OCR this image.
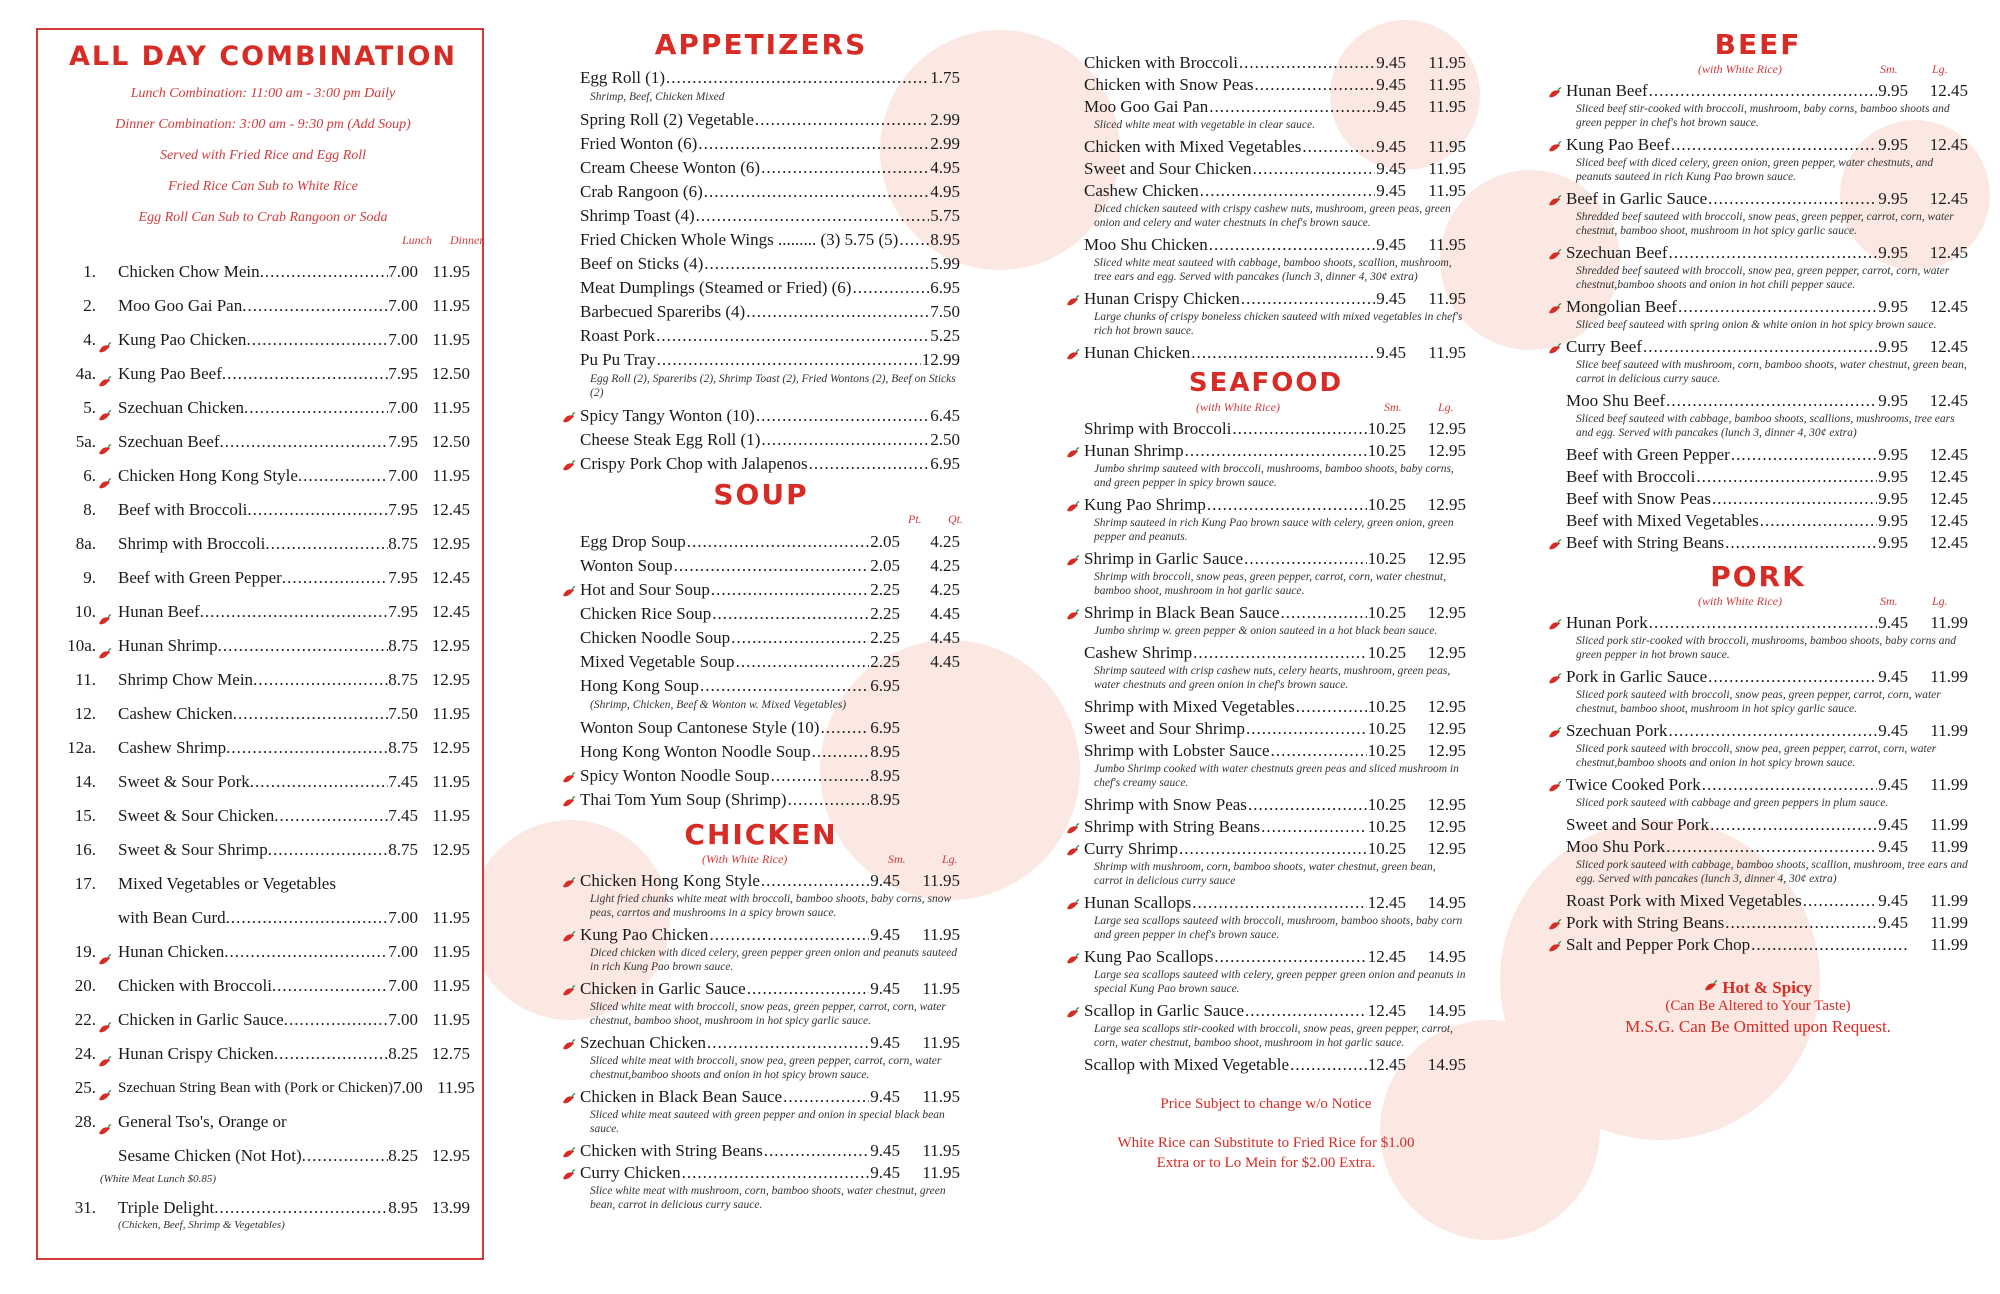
ALL DAY COMBINATION
Lunch Combination: 11:00 am - 3:00 pm Daily
Dinner Combination: 3:00 am - 9:30 pm (Add Soup)
Served with Fried Rice and Egg Roll
Fried Rice Can Sub to White Rice
Egg Roll Can Sub to Crab Rangoon or Soda
Lunch Dinner
1. Chicken Chow Mein .....	7.00 11.95
2. Moo Goo Gai Pan .....	7.00 11.95
4. Kung Pao Chicken .....	7.00 11.95
4a. Kung Pao Beef .....	7.95 12.50
5. Szechuan Chicken .....	7.00 11.95
5a. Szechuan Beef .....	7.95 12.50
6. Chicken Hong Kong Style .....	7.00 11.95
8. Beef with Broccoli .....	7.95 12.45
8a. Shrimp with Broccoli .....	8.75 12.95
9. Beef with Green Pepper .....	7.95 12.45
10. Hunan Beef .....	7.95 12.45
10a. Hunan Shrimp .....	8.75 12.95
11. Shrimp Chow Mein .....	8.75 12.95
12. Cashew Chicken .....	7.50 11.95
12a. Cashew Shrimp .....	8.75 12.95
14. Sweet & Sour Pork .....	7.45 11.95
15. Sweet & Sour Chicken .....	7.45 11.95
16. Sweet & Sour Shrimp .....	8.75 12.95
17. Mixed Vegetables or Vegetables
with Bean Curd .....	7.00 11.95
19. Hunan Chicken .....	7.00 11.95
20. Chicken with Broccoli .....	7.00 11.95
22. Chicken in Garlic Sauce .....	7.00 11.95
24. Hunan Crispy Chicken .....	8.25 12.75
25. Szechuan String Bean with (Pork or Chicken) 7.00 11.95
28. General Tso's, Orange or
Sesame Chicken (Not Hot) .....	8.25 12.95
(White Meat Lunch $0.85)
31. Triple Delight .....	8.95 13.99
(Chicken, Beef, Shrimp & Vegetables)
APPETIZERS
Egg Roll (1) .....	1.75
Shrimp, Beef, Chicken Mixed
Spring Roll (2) Vegetable .....	2.99
Fried Wonton (6) .....	2.99
Cream Cheese Wonton (6) .....	4.95
Crab Rangoon (6) .....	4.95
Shrimp Toast (4) .....	5.75
Fried Chicken Whole Wings ......... (3) 5.75 (5) ..... 8.95
Beef on Sticks (4) .....	5.99
Meat Dumplings (Steamed or Fried) (6) .....	6.95
Barbecued Spareribs (4) .....	7.50
Roast Pork .....	5.25
Pu Pu Tray .....	12.99
Egg Roll (2), Spareribs (2), Shrimp Toast (2), Fried Wontons (2), Beef on Sticks (2)
Spicy Tangy Wonton (10) .....	6.45
Cheese Steak Egg Roll (1) .....	2.50
Crispy Pork Chop with Jalapenos .....	6.95
SOUP
Pt. Qt.
Egg Drop Soup .....	2.05	4.25
Wonton Soup .....	2.05	4.25
Hot and Sour Soup .....	2.25	4.25
Chicken Rice Soup .....	2.25	4.45
Chicken Noodle Soup .....	2.25	4.45
Mixed Vegetable Soup .....	2.25	4.45
Hong Kong Soup .....	6.95
(Shrimp, Chicken, Beef & Wonton w. Mixed Vegetables)
Wonton Soup Cantonese Style (10) .....	6.95
Hong Kong Wonton Noodle Soup .....	8.95
Spicy Wonton Noodle Soup .....	8.95
Thai Tom Yum Soup (Shrimp) .....	8.95
CHICKEN
(With White Rice)	Sm.	Lg.
Chicken Hong Kong Style .....	9.45	11.95
Light fried chunks white meat with broccoli, bamboo shoots, baby corns, snow peas, carrtos and mushrooms in a spicy brown sauce.
Kung Pao Chicken .....	9.45	11.95
Diced chicken with diced celery, green pepper green onion and peanuts sauteed in rich Kung Pao brown sauce.
Chicken in Garlic Sauce .....	9.45	11.95
Sliced white meat with broccoli, snow peas, green pepper, carrot, corn, water chestnut, bamboo shoot, mushroom in hot spicy garlic sauce.
Szechuan Chicken .....	9.45	11.95
Sliced white meat with broccoli, snow pea, green pepper, carrot, corn, water chestnut,bamboo shoots and onion in hot spicy brown sauce.
Chicken in Black Bean Sauce .....	9.45	11.95
Sliced white meat sauteed with green pepper and onion in special black bean sauce.
Chicken with String Beans .....	9.45	11.95
Curry Chicken .....	9.45	11.95
Slice white meat with mushroom, corn, bamboo shoots, water chestnut, green bean, carrot in delicious curry sauce.
Chicken with Broccoli .....	9.45	11.95
Chicken with Snow Peas .....	9.45	11.95
Moo Goo Gai Pan .....	9.45	11.95
Sliced white meat with vegetable in clear sauce.
Chicken with Mixed Vegetables .....	9.45	11.95
Sweet and Sour Chicken .....	9.45	11.95
Cashew Chicken .....	9.45	11.95
Diced chicken sauteed with crispy cashew nuts, mushroom, green peas, green onion and celery and water chestnuts in chef's brown sauce.
Moo Shu Chicken .....	9.45	11.95
Sliced white meat sauteed with cabbage, bamboo shoots, scallion, mushroom, tree ears and egg. Served with pancakes (lunch 3, dinner 4, 30¢ extra)
Hunan Crispy Chicken .....	9.45	11.95
Large chunks of crispy boneless chicken sauteed with mixed vegetables in chef's rich hot brown sauce.
Hunan Chicken .....	9.45	11.95
SEAFOOD
(with White Rice)	Sm.	Lg.
Shrimp with Broccoli .....	10.25	12.95
Hunan Shrimp .....	10.25	12.95
Jumbo shrimp sauteed with broccoli, mushrooms, bamboo shoots, baby corns, and green pepper in spicy brown sauce.
Kung Pao Shrimp .....	10.25	12.95
Shrimp sauteed in rich Kung Pao brown sauce with celery, green onion, green pepper and peanuts.
Shrimp in Garlic Sauce .....	10.25	12.95
Shrimp with broccoli, snow peas, green pepper, carrot, corn, water chestnut, bamboo shoot, mushroom in hot garlic sauce.
Shrimp in Black Bean Sauce .....	10.25	12.95
Jumbo shrimp w. green pepper & onion sauteed in a hot black bean sauce.
Cashew Shrimp .....	10.25	12.95
Shrimp sauteed with crisp cashew nuts, celery hearts, mushroom, green peas, water chestnuts and green onion in chef's brown sauce.
Shrimp with Mixed Vegetables .....	10.25	12.95
Sweet and Sour Shrimp .....	10.25	12.95
Shrimp with Lobster Sauce .....	10.25	12.95
Jumbo Shrimp cooked with water chestnuts green peas and sliced mushroom in chef's creamy sauce.
Shrimp with Snow Peas .....	10.25	12.95
Shrimp with String Beans .....	10.25	12.95
Curry Shrimp .....	10.25	12.95
Shrimp with mushroom, corn, bamboo shoots, water chestnut, green bean, carrot in delicious curry sauce
Hunan Scallops .....	12.45	14.95
Large sea scallops sauteed with broccoli, mushroom, bamboo shoots, baby corn and green pepper in chef's brown sauce.
Kung Pao Scallops .....	12.45	14.95
Large sea scallops sauteed with celery, green pepper green onion and peanuts in special Kung Pao brown sauce.
Scallop in Garlic Sauce .....	12.45	14.95
Large sea scallops stir-cooked with broccoli, snow peas, green pepper, carrot, corn, water chestnut, bamboo shoot, mushroom in hot garlic sauce.
Scallop with Mixed Vegetable .....	12.45	14.95
Price Subject to change w/o Notice
White Rice can Substitute to Fried Rice for $1.00 Extra or to Lo Mein for $2.00 Extra.
BEEF
(with White Rice)	Sm.	Lg.
Hunan Beef .....	9.95	12.45
Sliced beef stir-cooked with broccoli, mushroom, baby corns, bamboo shoots and green pepper in chef's hot brown sauce.
Kung Pao Beef .....	9.95	12.45
Sliced beef with diced celery, green onion, green pepper, water chestnuts, and peanuts sauteed in rich Kung Pao brown sauce.
Beef in Garlic Sauce .....	9.95	12.45
Shredded beef sauteed with broccoli, snow peas, green pepper, carrot, corn, water chestnut, bamboo shoot, mushroom in hot spicy garlic sauce.
Szechuan Beef .....	9.95	12.45
Shredded beef sauteed with broccoli, snow pea, green pepper, carrot, corn, water chestnut,bamboo shoots and onion in hot chili pepper sauce.
Mongolian Beef .....	9.95	12.45
Sliced beef sauteed with spring onion & white onion in hot spicy brown sauce.
Curry Beef .....	9.95	12.45
Slice beef sauteed with mushroom, corn, bamboo shoots, water chestnut, green bean, carrot in delicious curry sauce.
Moo Shu Beef .....	9.95	12.45
Sliced beef sauteed with cabbage, bamboo shoots, scallions, mushrooms, tree ears and egg. Served with pancakes (lunch 3, dinner 4, 30¢ extra)
Beef with Green Pepper .....	9.95	12.45
Beef with Broccoli .....	9.95	12.45
Beef with Snow Peas .....	9.95	12.45
Beef with Mixed Vegetables .....	9.95	12.45
Beef with String Beans .....	9.95	12.45
PORK
(with White Rice)	Sm.	Lg.
Hunan Pork .....	9.45	11.99
Sliced pork stir-cooked with broccoli, mushrooms, bamboo shoots, baby corns and green pepper in hot brown sauce.
Pork in Garlic Sauce .....	9.45	11.99
Sliced pork sauteed with broccoli, snow peas, green pepper, carrot, corn, water chestnut, bamboo shoot, mushroom in hot spicy garlic sauce.
Szechuan Pork .....	9.45	11.99
Sliced pork sauteed with broccoli, snow pea, green pepper, carrot, corn, water chestnut,bamboo shoots and onion in hot spicy brown sauce.
Twice Cooked Pork .....	9.45	11.99
Sliced pork sauteed with cabbage and green peppers in plum sauce.
Sweet and Sour Pork .....	9.45	11.99
Moo Shu Pork .....	9.45	11.99
Sliced pork sauteed with cabbage, bamboo shoots, scallion, mushroom, tree ears and egg. Served with pancakes (lunch 3, dinner 4, 30¢ extra)
Roast Pork with Mixed Vegetables .....	9.45	11.99
Pork with String Beans .....	9.45	11.99
Salt and Pepper Pork Chop .....	11.99
Hot & Spicy
(Can Be Altered to Your Taste)
M.S.G. Can Be Omitted upon Request.
